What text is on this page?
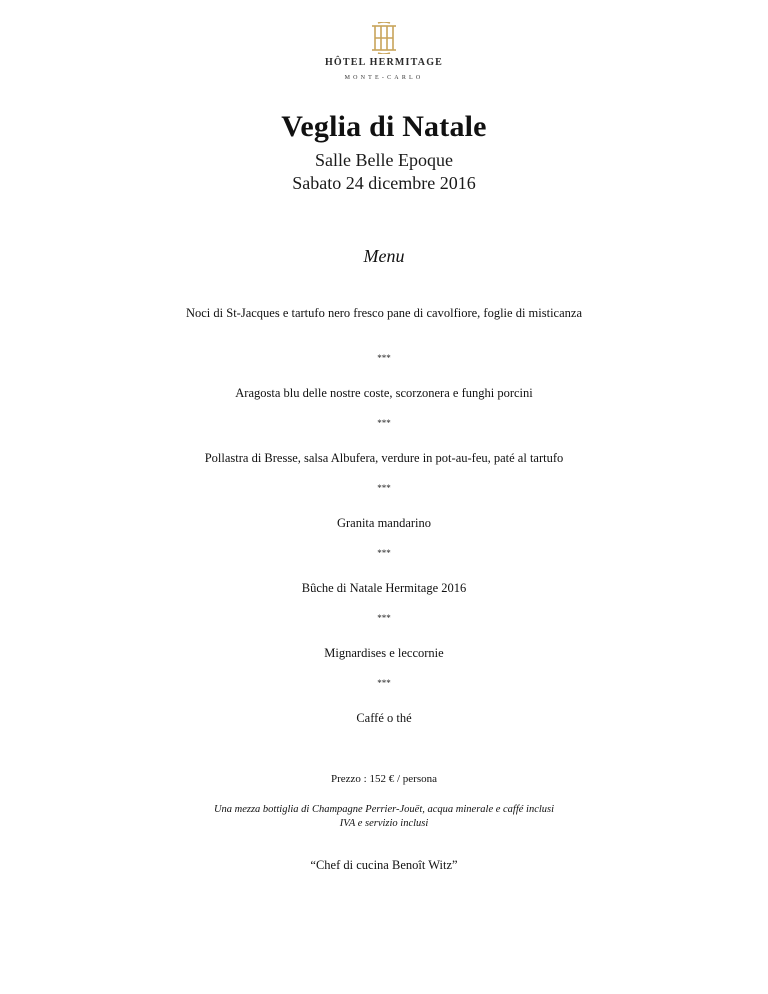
HÔTEL HERMITAGE
MONTE-CARLO
Veglia di Natale
Salle Belle Epoque
Sabato 24 dicembre 2016
Menu
Noci di St-Jacques e tartufo nero fresco pane di cavolfiore, foglie di misticanza
***
Aragosta blu delle nostre coste, scorzonera e funghi porcini
***
Pollastra di Bresse, salsa Albufera, verdure in pot-au-feu, paté al tartufo
***
Granita mandarino
***
Bûche di Natale Hermitage 2016
***
Mignardises e leccornie
***
Caffé o thé
Prezzo : 152 € / persona
Una mezza bottiglia di Champagne Perrier-Jouët, acqua minerale e caffé inclusi
IVA e servizio inclusi
“Chef di cucina Benoît Witz”
